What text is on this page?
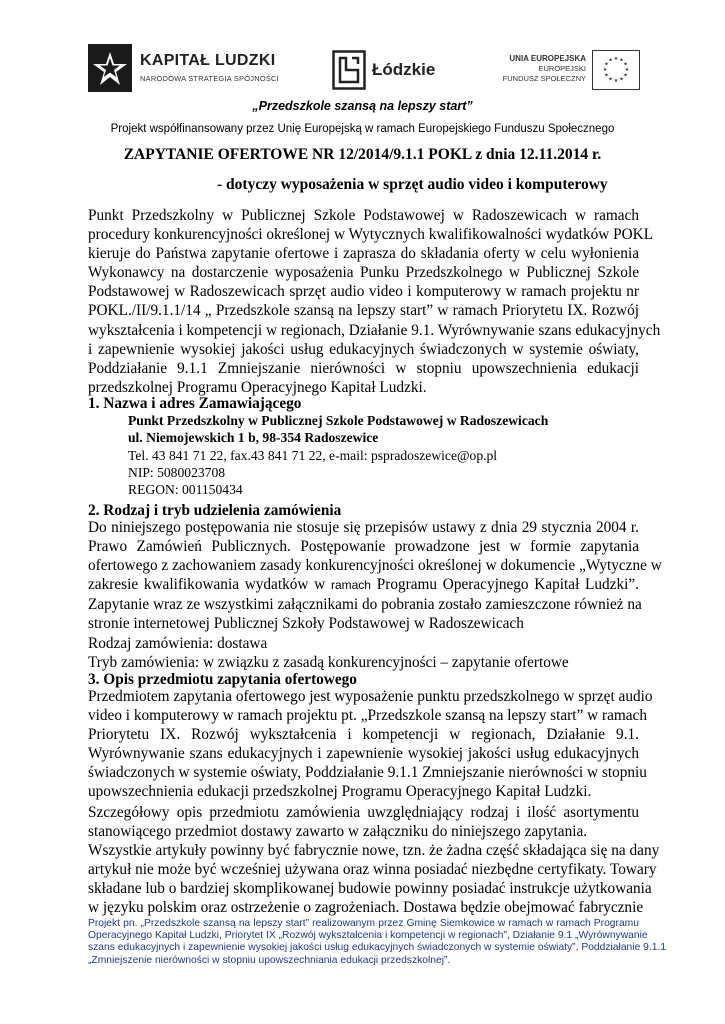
KAPITAŁ LUDZKI
NARODOWA STRATEGIA SPÓJNOŚCI	Łódzkie
UNIA EUROPEJSKA
EUROPEJSKI
FUNDUSZ SPOŁECZNY
★ ★
★
★
★
★
★
★
★
★
★
★
„Przedszkole szansą na lepszy start”
Projekt współfinansowany przez Unię Europejską w ramach Europejskiego Funduszu Społecznego
ZAPYTANIE OFERTOWE NR 12/2014/9.1.1 POKL z dnia 12.11.2014 r.
- dotyczy wyposażenia w sprzęt audio video i komputerowy
Punkt Przedszkolny w Publicznej Szkole Podstawowej w Radoszewicach w ramach
procedury konkurencyjności określonej w Wytycznych kwalifikowalności wydatków POKL
kieruje do Państwa zapytanie ofertowe i zaprasza do składania oferty w celu wyłonienia
Wykonawcy na dostarczenie wyposażenia Punku Przedszkolnego w Publicznej Szkole
Podstawowej w Radoszewicach sprzęt audio video i komputerowy w ramach projektu nr
POKL./II/9.1.1/14 „ Przedszkole szansą na lepszy start” w ramach Priorytetu IX. Rozwój
wykształcenia i kompetencji w regionach, Działanie 9.1. Wyrównywanie szans edukacyjnych
i zapewnienie wysokiej jakości usług edukacyjnych świadczonych w systemie oświaty,
Poddziałanie 9.1.1 Zmniejszanie nierówności w stopniu upowszechnienia edukacji
przedszkolnej Programu Operacyjnego Kapitał Ludzki.
1. Nazwa i adres Zamawiającego
Punkt Przedszkolny w Publicznej Szkole Podstawowej w Radoszewicach
ul. Niemojewskich 1 b, 98-354 Radoszewice
Tel. 43 841 71 22, fax.43 841 71 22, e-mail: pspradoszewice@op.pl
NIP: 5080023708
REGON: 001150434
2. Rodzaj i tryb udzielenia zamówienia
Do niniejszego postępowania nie stosuje się przepisów ustawy z dnia 29 stycznia 2004 r.
Prawo Zamówień Publicznych. Postępowanie prowadzone jest w formie zapytania
ofertowego z zachowaniem zasady konkurencyjności określonej w dokumencie „Wytyczne w
zakresie kwalifikowania wydatków w ramach Programu Operacyjnego Kapitał Ludzki”.
Zapytanie wraz ze wszystkimi załącznikami do pobrania zostało zamieszczone również na
stronie internetowej Publicznej Szkoły Podstawowej w Radoszewicach
Rodzaj zamówienia: dostawa
Tryb zamówienia: w związku z zasadą konkurencyjności – zapytanie ofertowe
3. Opis przedmiotu zapytania ofertowego
Przedmiotem zapytania ofertowego jest wyposażenie punktu przedszkolnego w sprzęt audio
video i komputerowy w ramach projektu pt. „Przedszkole szansą na lepszy start” w ramach
Priorytetu IX. Rozwój wykształcenia i kompetencji w regionach, Działanie 9.1.
Wyrównywanie szans edukacyjnych i zapewnienie wysokiej jakości usług edukacyjnych
świadczonych w systemie oświaty, Poddziałanie 9.1.1 Zmniejszanie nierówności w stopniu
upowszechnienia edukacji przedszkolnej Programu Operacyjnego Kapitał Ludzki.
Szczegółowy opis przedmiotu zamówienia uwzględniający rodzaj i ilość asortymentu
stanowiącego przedmiot dostawy zawarto w załączniku do niniejszego zapytania.
Wszystkie artykuły powinny być fabrycznie nowe, tzn. że żadna część składająca się na dany
artykuł nie może być wcześniej używana oraz winna posiadać niezbędne certyfikaty. Towary
składane lub o bardziej skomplikowanej budowie powinny posiadać instrukcje użytkowania
w języku polskim oraz ostrzeżenie o zagrożeniach. Dostawa będzie obejmować fabrycznie
Projekt pn. „Przedszkole szansą na lepszy start” realizowanym przez Gminę Siemkowice w ramach w ramach Programu
Operacyjnego Kapitał Ludzki, Priorytet IX „Rozwój wykształcenia i kompetencji w regionach”, Działanie 9.1 „Wyrównywanie
szans edukacyjnych i zapewnienie wysokiej jakości usług edukacyjnych świadczonych w systemie oświaty”, Poddziałanie 9.1.1
„Zmniejszenie nierówności w stopniu upowszechniania edukacji przedszkolnej”.
